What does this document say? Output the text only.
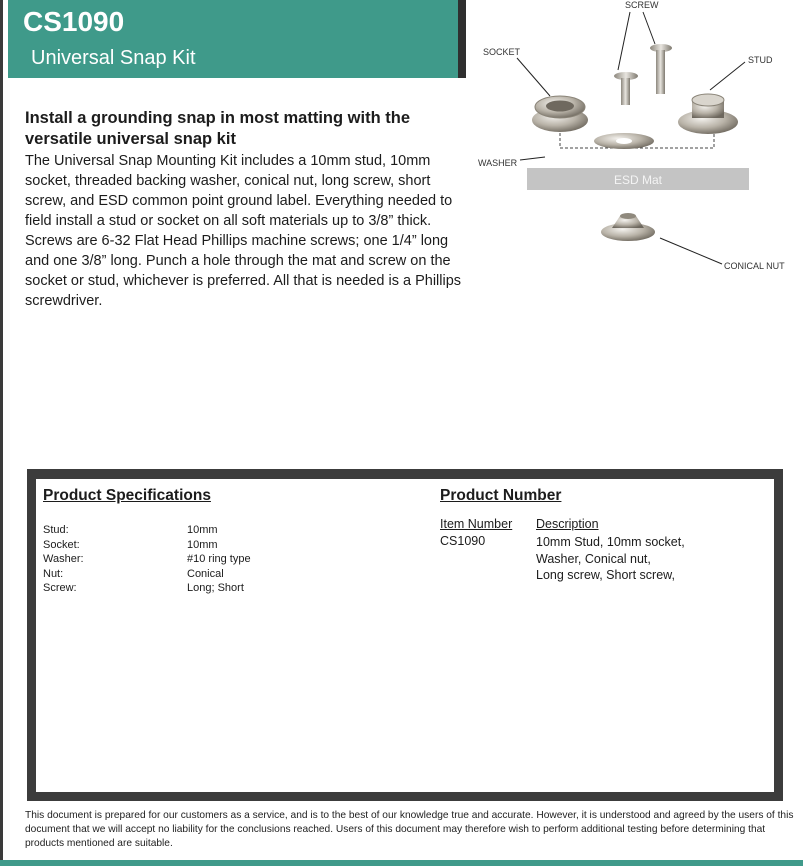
CS1090
Universal Snap Kit
Install a grounding snap in most matting with the versatile universal snap kit
The Universal Snap Mounting Kit includes a 10mm stud, 10mm socket, threaded backing washer, conical nut, long screw, short screw, and ESD common point ground label. Everything needed to field install a stud or socket on all soft materials up to 3/8” thick. Screws are 6-32 Flat Head Phillips machine screws; one 1/4” long and one 3/8” long. Punch a hole through the mat and screw on the socket or stud, whichever is preferred. All that is needed is a Phillips screwdriver.
SCREW
SOCKET
STUD
WASHER
ESD Mat
CONICAL NUT
Product Specifications
Stud:	10mm
Socket:	10mm
Washer:	#10 ring type
Nut:	Conical
Screw:	Long; Short
Product Number
Item Number Description
CS1090	10mm Stud, 10mm socket,
Washer, Conical nut,
Long screw, Short screw,
This document is prepared for our customers as a service, and is to the best of our knowledge true and accurate. However, it is understood and agreed by the users of this document that we will accept no liability for the conclusions reached. Users of this document may therefore wish to perform additional testing before determining that products mentioned are suitable.
